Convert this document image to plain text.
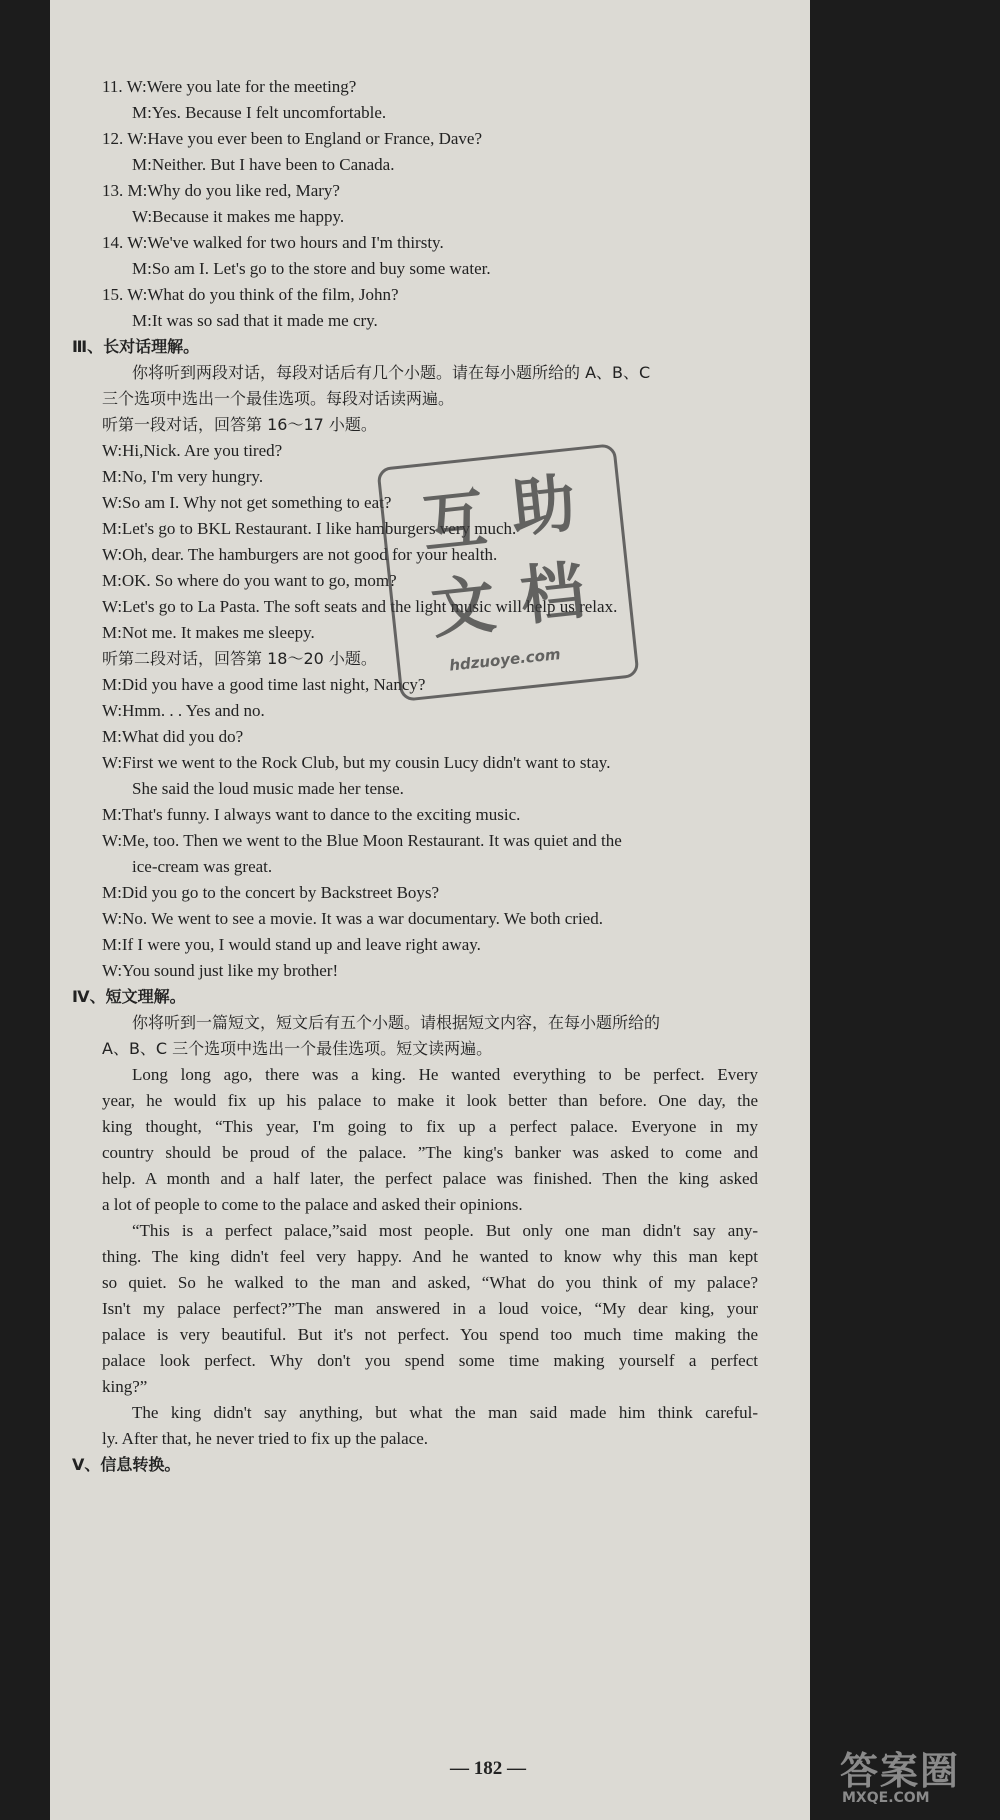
11. W:Were you late for the meeting?
M:Yes. Because I felt uncomfortable.
12. W:Have you ever been to England or France, Dave?
M:Neither. But I have been to Canada.
13. M:Why do you like red, Mary?
W:Because it makes me happy.
14. W:We've walked for two hours and I'm thirsty.
M:So am I. Let's go to the store and buy some water.
15. W:What do you think of the film, John?
M:It was so sad that it made me cry.
Ⅲ、长对话理解。
你将听到两段对话，每段对话后有几个小题。请在每小题所给的 A、B、C
三个选项中选出一个最佳选项。每段对话读两遍。
听第一段对话，回答第 16～17 小题。
W:Hi,Nick. Are you tired?
M:No, I'm very hungry.
W:So am I. Why not get something to eat?
M:Let's go to BKL Restaurant. I like hamburgers very much.
W:Oh, dear. The hamburgers are not good for your health.
M:OK. So where do you want to go, mom?
W:Let's go to La Pasta. The soft seats and the light music will help us relax.
M:Not me. It makes me sleepy.
听第二段对话，回答第 18～20 小题。
M:Did you have a good time last night, Nancy?
W:Hmm. . . Yes and no.
M:What did you do?
W:First we went to the Rock Club, but my cousin Lucy didn't want to stay.
She said the loud music made her tense.
M:That's funny. I always want to dance to the exciting music.
W:Me, too. Then we went to the Blue Moon Restaurant. It was quiet and the
ice-cream was great.
M:Did you go to the concert by Backstreet Boys?
W:No. We went to see a movie. It was a war documentary. We both cried.
M:If I were you, I would stand up and leave right away.
W:You sound just like my brother!
Ⅳ、短文理解。
你将听到一篇短文，短文后有五个小题。请根据短文内容，在每小题所给的
A、B、C 三个选项中选出一个最佳选项。短文读两遍。
Long long ago, there was a king. He wanted everything to be perfect. Every
year, he would fix up his palace to make it look better than before. One day, the
king thought, “This year, I'm going to fix up a perfect palace. Everyone in my
country should be proud of the palace. ”The king's banker was asked to come and
help. A month and a half later, the perfect palace was finished. Then the king asked
a lot of people to come to the palace and asked their opinions.
“This is a perfect palace,”said most people. But only one man didn't say any-
thing. The king didn't feel very happy. And he wanted to know why this man kept
so quiet. So he walked to the man and asked, “What do you think of my palace?
Isn't my palace perfect?”The man answered in a loud voice, “My dear king, your
palace is very beautiful. But it's not perfect. You spend too much time making the
palace look perfect. Why don't you spend some time making yourself a perfect
king?”
The king didn't say anything, but what the man said made him think careful-
ly. After that, he never tried to fix up the palace.
Ⅴ、信息转换。
— 182 —
互 助
文 档
hdzuoye.com
答案圈
MXQE.COM
